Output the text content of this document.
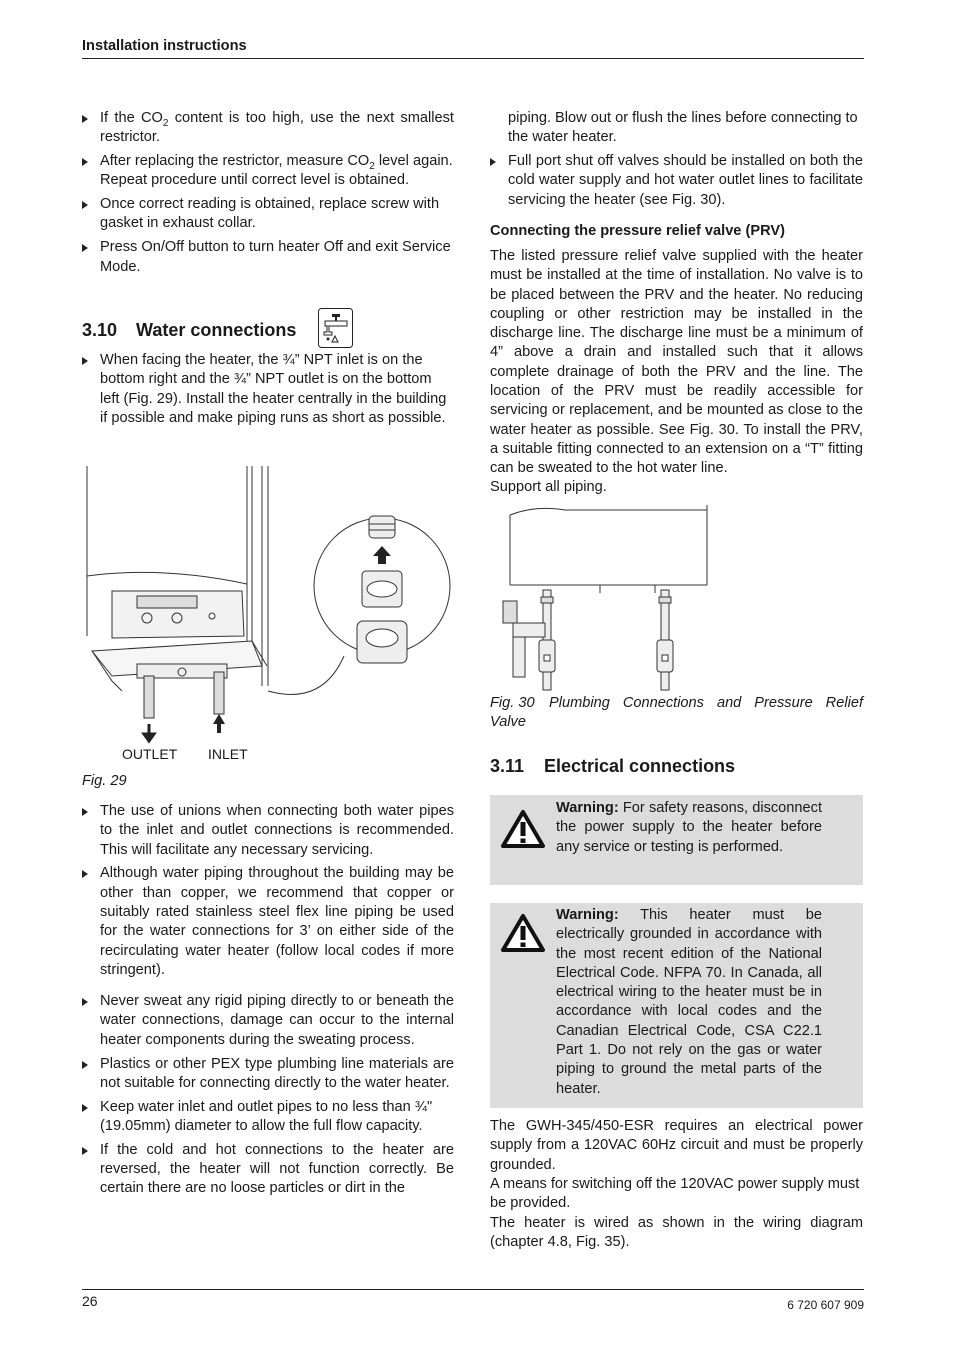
Installation instructions
If the $CO_2$ content is too high, use the next smallest restrictor.
After replacing the restrictor, measure $CO_2$ level again. Repeat procedure until correct level is obtained.
Once correct reading is obtained, replace screw with gasket in exhaust collar.
Press On/Off button to turn heater Off and exit Service Mode.
3.10 Water connections
When facing the heater, the ¾” NPT inlet is on the bottom right and the ¾” NPT outlet is on the bottom left (Fig. 29). Install the heater centrally in the building if possible and make piping runs as short as possible.
OUTLET INLET
Fig. 29
The use of unions when connecting both water pipes to the inlet and outlet connections is recommended. This will facilitate any necessary servicing.
Although water piping throughout the building may be other than copper, we recommend that copper or suitably rated stainless steel flex line piping be used for the water connections for 3’ on either side of the recirculating water heater (follow local codes if more stringent).
Never sweat any rigid piping directly to or beneath the water connections, damage can occur to the internal heater components during the sweating process.
Plastics or other PEX type plumbing line materials are not suitable for connecting directly to the water heater.
Keep water inlet and outlet pipes to no less than ¾" (19.05mm) diameter to allow the full flow capacity.
If the cold and hot connections to the heater are reversed, the heater will not function correctly. Be certain there are no loose particles or dirt in the
piping. Blow out or flush the lines before connecting to the water heater.
Full port shut off valves should be installed on both the cold water supply and hot water outlet lines to facilitate servicing the heater (see Fig. 30).
Connecting the pressure relief valve (PRV)
The listed pressure relief valve supplied with the heater must be installed at the time of installation. No valve is to be placed between the PRV and the heater. No reducing coupling or other restriction may be installed in the discharge line. The discharge line must be a minimum of 4” above a drain and installed such that it allows complete drainage of both the PRV and the line. The location of the PRV must be readily accessible for servicing or replacement, and be mounted as close to the water heater as possible. See Fig. 30. To install the PRV, a suitable fitting connected to an extension on a “T” fitting can be sweated to the hot water line.
Support all piping.
Fig. 30 Plumbing Connections and Pressure Relief Valve
3.11 Electrical connections
Warning: For safety reasons, disconnect the power supply to the heater before any service or testing is performed.
Warning: This heater must be electrically grounded in accordance with the most recent edition of the National Electrical Code. NFPA 70. In Canada, all electrical wiring to the heater must be in accordance with local codes and the Canadian Electrical Code, CSA C22.1 Part 1. Do not rely on the gas or water piping to ground the metal parts of the heater.
The GWH-345/450-ESR requires an electrical power supply from a 120VAC 60Hz circuit and must be properly grounded.
A means for switching off the 120VAC power supply must be provided.
The heater is wired as shown in the wiring diagram (chapter 4.8, Fig. 35).
26	6 720 607 909
